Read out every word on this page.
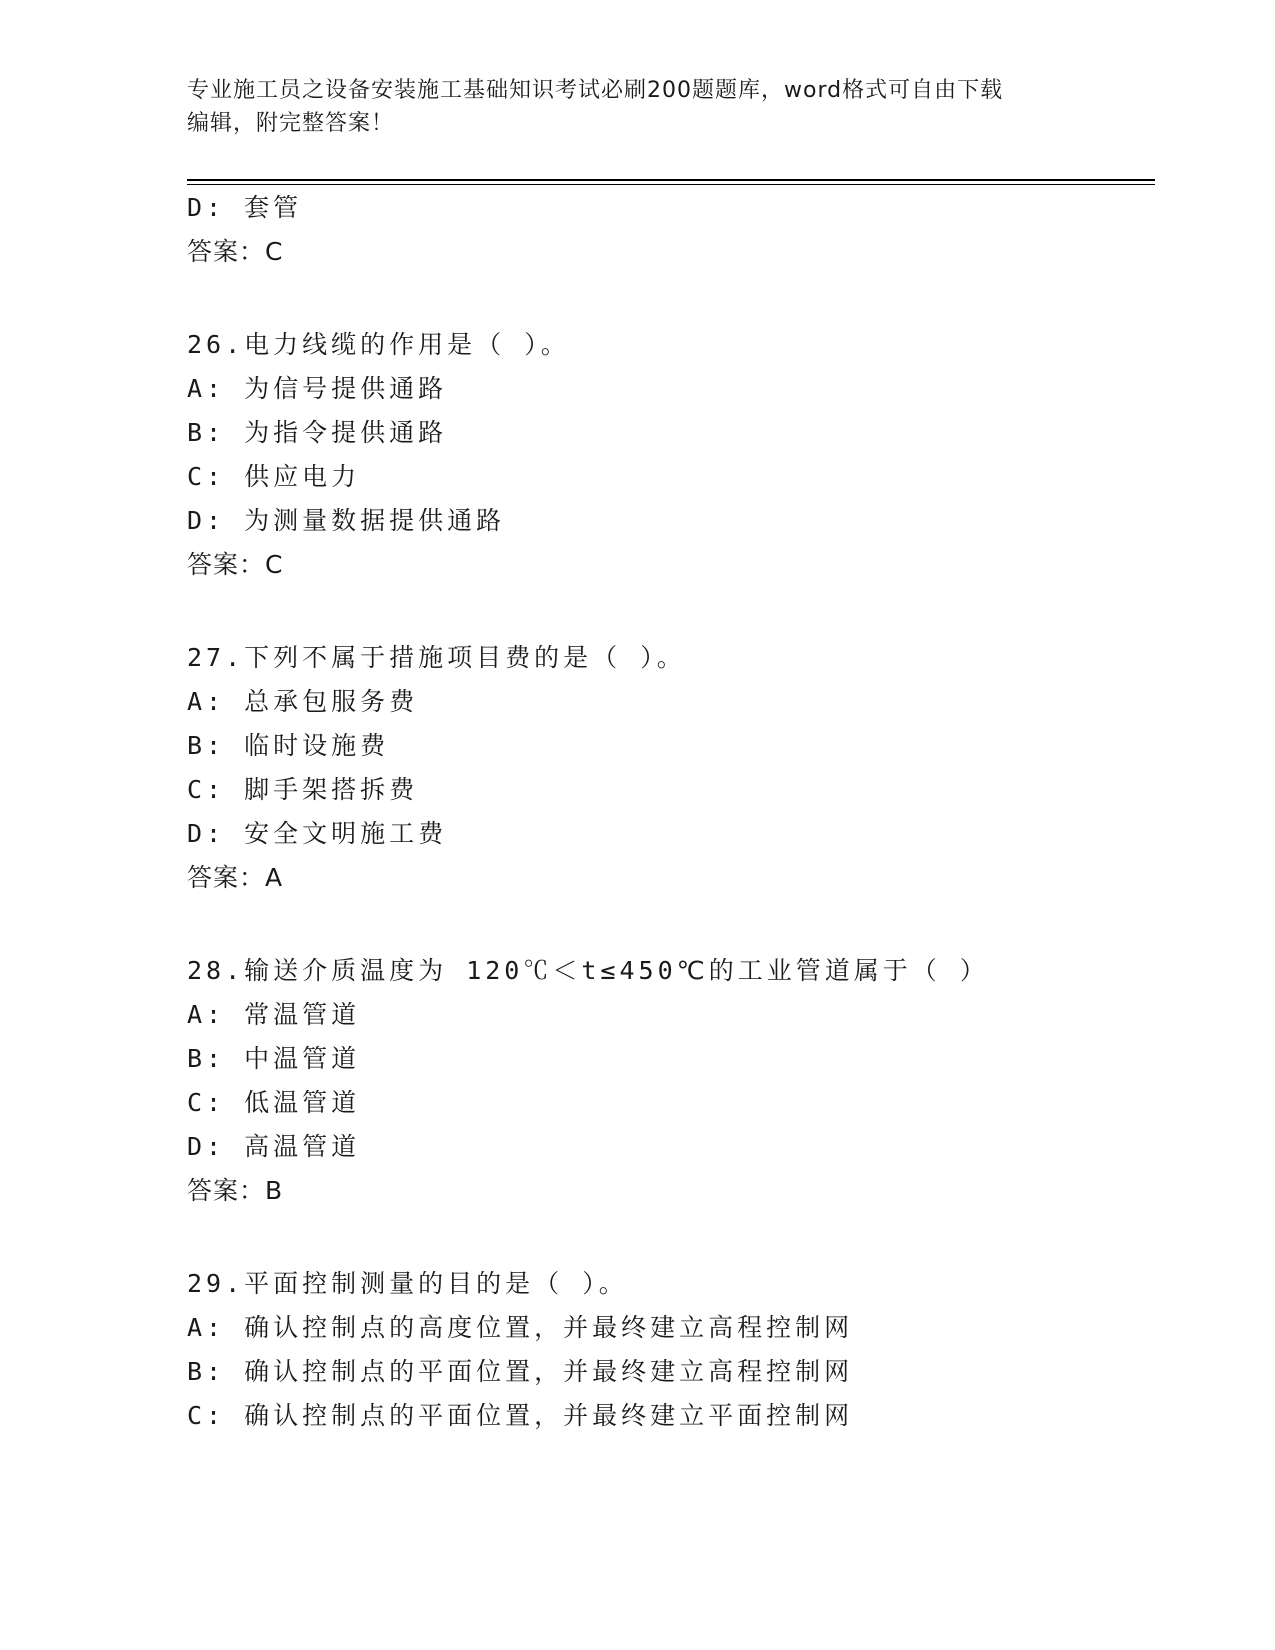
专业施工员之设备安装施工基础知识考试必刷200题题库，word格式可自由下载
编辑，附完整答案！
D: 套管
答案：C
26.电力线缆的作用是（ ）。
A: 为信号提供通路
B: 为指令提供通路
C: 供应电力
D: 为测量数据提供通路
答案：C
27.下列不属于措施项目费的是（ ）。
A: 总承包服务费
B: 临时设施费
C: 脚手架搭拆费
D: 安全文明施工费
答案：A
28.输送介质温度为 120℃＜t≤450℃的工业管道属于（ ）
A: 常温管道
B: 中温管道
C: 低温管道
D: 高温管道
答案：B
29.平面控制测量的目的是（ ）。
A: 确认控制点的高度位置，并最终建立高程控制网
B: 确认控制点的平面位置，并最终建立高程控制网
C: 确认控制点的平面位置，并最终建立平面控制网
